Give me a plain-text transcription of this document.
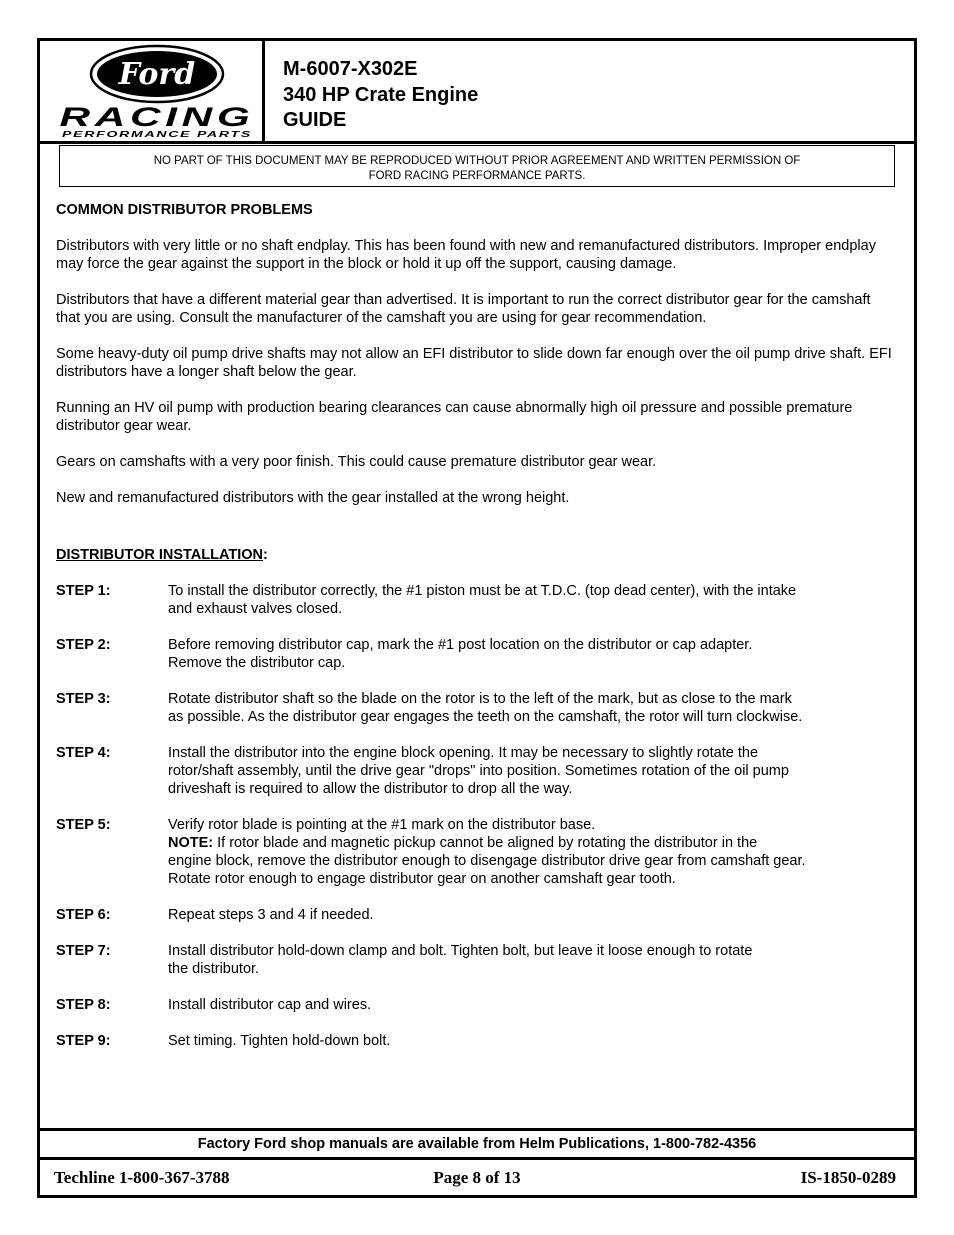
Ford
RACING
PERFORMANCE PARTS
M-6007-X302E
340 HP Crate Engine
GUIDE
NO PART OF THIS DOCUMENT MAY BE REPRODUCED WITHOUT PRIOR AGREEMENT AND WRITTEN PERMISSION OF
FORD RACING PERFORMANCE PARTS.

COMMON DISTRIBUTOR PROBLEMS

Distributors with very little or no shaft endplay. This has been found with new and remanufactured distributors. Improper endplay may force the gear against the support in the block or hold it up off the support, causing damage.

Distributors that have a different material gear than advertised. It is important to run the correct distributor gear for the camshaft that you are using. Consult the manufacturer of the camshaft you are using for gear recommendation.

Some heavy-duty oil pump drive shafts may not allow an EFI distributor to slide down far enough over the oil pump drive shaft. EFI distributors have a longer shaft below the gear.

Running an HV oil pump with production bearing clearances can cause abnormally high oil pressure and possible premature distributor gear wear.

Gears on camshafts with a very poor finish. This could cause premature distributor gear wear.

New and remanufactured distributors with the gear installed at the wrong height.

DISTRIBUTOR INSTALLATION:

STEP 1:	To install the distributor correctly, the #1 piston must be at T.D.C. (top dead center), with the intake
and exhaust valves closed.
STEP 2:	Before removing distributor cap, mark the #1 post location on the distributor or cap adapter.
Remove the distributor cap.
STEP 3:	Rotate distributor shaft so the blade on the rotor is to the left of the mark, but as close to the mark
as possible. As the distributor gear engages the teeth on the camshaft, the rotor will turn clockwise.
STEP 4:	Install the distributor into the engine block opening. It may be necessary to slightly rotate the
rotor/shaft assembly, until the drive gear "drops" into position. Sometimes rotation of the oil pump
driveshaft is required to allow the distributor to drop all the way.
STEP 5:	Verify rotor blade is pointing at the #1 mark on the distributor base.
NOTE: If rotor blade and magnetic pickup cannot be aligned by rotating the distributor in the
engine block, remove the distributor enough to disengage distributor drive gear from camshaft gear.
Rotate rotor enough to engage distributor gear on another camshaft gear tooth.
STEP 6:	Repeat steps 3 and 4 if needed.
STEP 7:	Install distributor hold-down clamp and bolt. Tighten bolt, but leave it loose enough to rotate
the distributor.
STEP 8:	Install distributor cap and wires.
STEP 9:	Set timing. Tighten hold-down bolt.
Factory Ford shop manuals are available from Helm Publications, 1-800-782-4356
Techline 1-800-367-3788	Page 8 of 13	IS-1850-0289
